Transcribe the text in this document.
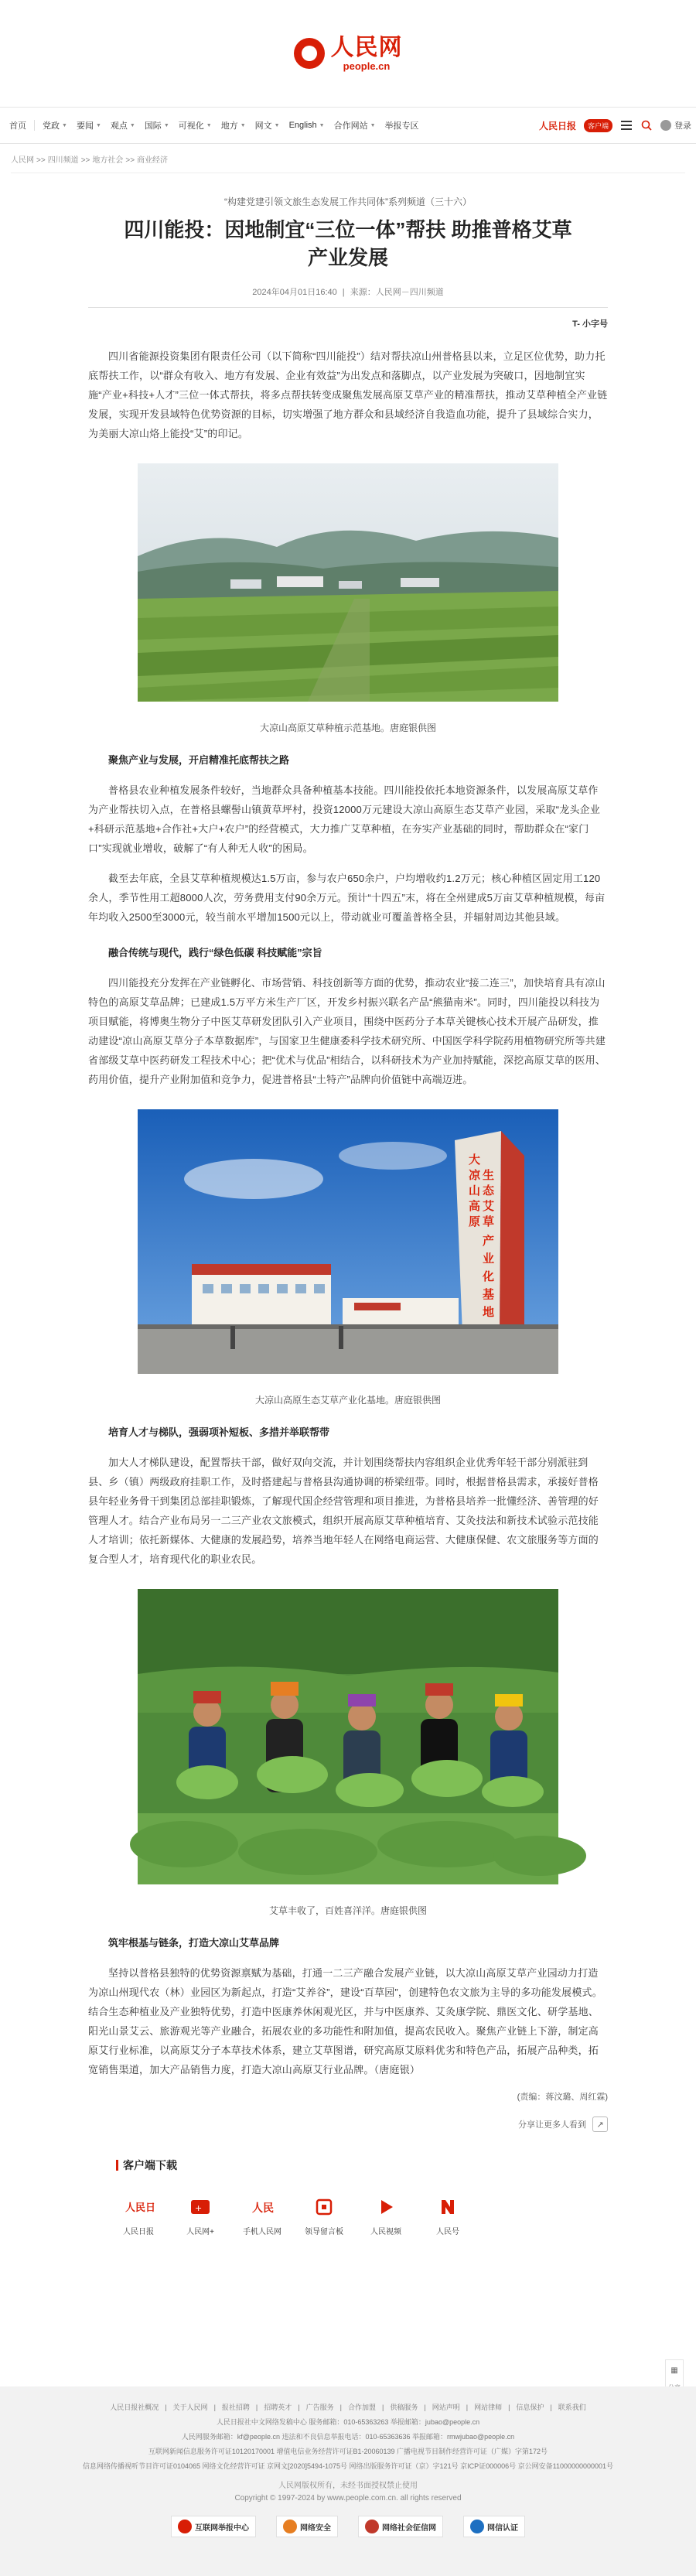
人民网
people.cn
首页 党政 ▼ 要闻 ▼ 观点 ▼ 国际 ▼ 可视化 ▼ 地方 ▼ 网文 ▼ English ▼ 合作网站 ▼ 举报专区	人民日报	客户端	登录
人民网 >> 四川频道 >> 地方社会 >> 商业经济
“构建党建引领文旅生态发展工作共同体”系列频道（三十六）
四川能投：因地制宜“三位一体”帮扶 助推普格艾草产业发展
2024年04月01日16:40 | 来源：人民网－四川频道
T- 小字号

四川省能源投资集团有限责任公司（以下简称“四川能投”）结对帮扶凉山州普格县以来，立足区位优势，助力托底帮扶工作，以“群众有收入、地方有发展、企业有效益”为出发点和落脚点，以产业发展为突破口，因地制宜实施“产业+科技+人才”三位一体式帮扶，将多点帮扶转变成聚焦发展高原艾草产业的精准帮扶，推动艾草种植全产业链发展，实现开发县域特色优势资源的目标，切实增强了地方群众和县域经济自我造血功能，提升了县域综合实力，为美丽大凉山烙上能投“艾”的印记。

大凉山高原艾草种植示范基地。唐庭银供图

聚焦产业与发展，开启精准托底帮扶之路

普格县农业种植发展条件较好，当地群众具备种植基本技能。四川能投依托本地资源条件，以发展高原艾草作为产业帮扶切入点，在普格县螺髻山镇黄草坪村，投资12000万元建设大凉山高原生态艾草产业园，采取“龙头企业+科研示范基地+合作社+大户+农户”的经营模式，大力推广艾草种植，在夯实产业基础的同时，帮助群众在“家门口”实现就业增收，破解了“有人种无人收”的困局。

截至去年底，全县艾草种植规模达1.5万亩，参与农户650余户，户均增收约1.2万元；核心种植区固定用工120余人，季节性用工超8000人次，劳务费用支付90余万元。预计“十四五”末，将在全州建成5万亩艾草种植规模，每亩年均收入2500至3000元，较当前水平增加1500元以上，带动就业可覆盖普格全县，并辐射周边其他县域。

融合传统与现代，践行“绿色低碳 科技赋能”宗旨

四川能投充分发挥在产业链孵化、市场营销、科技创新等方面的优势，推动农业“接二连三”，加快培育具有凉山特色的高原艾草品牌；已建成1.5万平方米生产厂区，开发乡村振兴联名产品“熊猫南米”。同时，四川能投以科技为项目赋能，将博奥生物分子中医艾草研发团队引入产业项目，围绕中医药分子本草关键核心技术开展产品研发，推动建设“凉山高原艾草分子本草数据库”，与国家卫生健康委科学技术研究所、中国医学科学院药用植物研究所等共建省部级艾草中医药研发工程技术中心；把“优术与优品”相结合，以科研技术为产业加持赋能，深挖高原艾草的医用、药用价值，提升产业附加值和竞争力，促进普格县“土特产”品牌向价值链中高端迈进。

大
凉
山
高
原
生
态
艾
草
产
业
化
基
地
大凉山高原生态艾草产业化基地。唐庭银供图

培育人才与梯队，强弱项补短板、多措并举联帮带

加大人才梯队建设，配置帮扶干部，做好双向交流，并计划围绕帮扶内容组织企业优秀年轻干部分别派驻到县、乡（镇）两级政府挂职工作，及时搭建起与普格县沟通协调的桥梁纽带。同时，根据普格县需求，承接好普格县年轻业务骨干到集团总部挂职锻炼，了解现代国企经营管理和项目推进，为普格县培养一批懂经济、善管理的好管理人才。结合产业布局另一二三产业农文旅模式，组织开展高原艾草种植培育、艾灸技法和新技术试验示范技能人才培训；依托新媒体、大健康的发展趋势，培养当地年轻人在网络电商运营、大健康保健、农文旅服务等方面的复合型人才，培育现代化的职业农民。

艾草丰收了，百姓喜洋洋。唐庭银供图

筑牢根基与链条，打造大凉山艾草品牌

坚持以普格县独特的优势资源禀赋为基础，打通一二三产融合发展产业链，以大凉山高原艾草产业园动力打造为凉山州现代农（林）业园区为新起点，打造“艾养谷”，建设“百草园”，创建特色农文旅为主导的多功能发展模式。结合生态种植业及产业独特优势，打造中医康养休闲观光区，并与中医康养、艾灸康学院、鼎医文化、研学基地、阳光山景艾云、旅游观光等产业融合，拓展农业的多功能性和附加值，提高农民收入。聚焦产业链上下游，制定高原艾行业标准，以高原艾分子本草技术体系，建立艾草图谱，研究高原艾原料优劣和特色产品，拓展产品种类，拓宽销售渠道，加大产品销售力度，打造大凉山高原艾行业品牌。（唐庭银）

(责编：蒋汶璐、周红霖)
分享让更多人看到	↗
客户端下载
人民日
人民日报
+
人民网+
人民
手机人民网	领导留言板	人民视频	人民号
▦
人民日报社概况 | 关于人民网 | 报社招聘 | 招聘英才 | 广告服务 | 合作加盟 | 供稿服务 | 网站声明 | 网站律师 | 信息保护 | 联系我们
人民日报社中文网络发稿中心 服务邮箱：010-65363263 举报邮箱：jubao@people.cn
人民网服务邮箱：kf@people.cn 违法和不良信息举报电话：010-65363636 举报邮箱：rmwjubao@people.cn
互联网新闻信息服务许可证10120170001 增值电信业务经营许可证B1-20060139 广播电视节目制作经营许可证（广媒）字第172号
信息网络传播视听节目许可证0104065 网络文化经营许可证 京网文[2020]5494-1075号 网络出版服务许可证（京）字121号 京ICP证000006号 京公网安备11000000000001号
人民网版权所有，未经书面授权禁止使用
Copyright © 1997-2024 by www.people.com.cn. all rights reserved
互联网举报中心	网络安全	网络社会征信网	网信认证
